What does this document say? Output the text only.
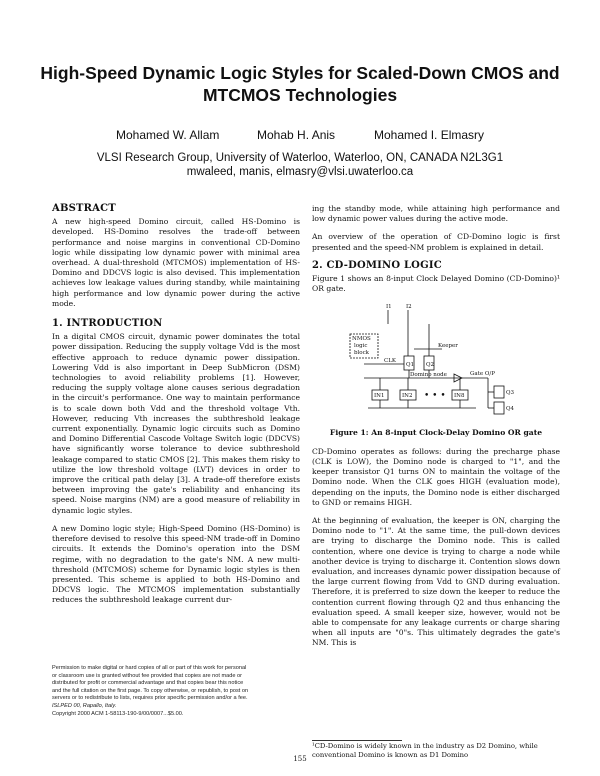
High-Speed Dynamic Logic Styles for Scaled-Down CMOS and MTCMOS Technologies
Mohamed W. Allam	Mohab H. Anis	Mohamed I. Elmasry
VLSI Research Group, University of Waterloo, Waterloo, ON, CANADA N2L3G1
mwaleed, manis, elmasry@vlsi.uwaterloo.ca
ABSTRACT

A new high-speed Domino circuit, called HS-Domino is developed. HS-Domino resolves the trade-off between performance and noise margins in conventional CD-Domino logic while dissipating low dynamic power with minimal area overhead. A dual-threshold (MTCMOS) implementation of HS-Domino and DDCVS logic is also devised. This implementation achieves low leakage values during standby, while maintaining high performance and low dynamic power during the active mode.

1. INTRODUCTION

In a digital CMOS circuit, dynamic power dominates the total power dissipation. Reducing the supply voltage Vdd is the most effective approach to reduce dynamic power dissipation. Lowering Vdd is also important in Deep SubMicron (DSM) technologies to avoid reliability problems [1]. However, reducing the supply voltage alone causes serious degradation in the circuit's performance. One way to maintain performance is to scale down both Vdd and the threshold voltage Vth. However, reducing Vth increases the subthreshold leakage current exponentially. Dynamic logic circuits such as Domino and Domino Differential Cascode Voltage Switch logic (DDCVS) have significantly worse tolerance to device subthreshold leakage compared to static CMOS [2]. This makes them risky to utilize the low threshold voltage (LVT) devices in order to improve the critical path delay [3]. A trade-off therefore exists between improving the gate's reliability and enhancing its speed. Noise margins (NM) are a good measure of reliability in dynamic logic styles.

A new Domino logic style; High-Speed Domino (HS-Domino) is therefore devised to resolve this speed-NM trade-off in Domino circuits. It extends the Domino's operation into the DSM regime, with no degradation to the gate's NM. A new multi-threshold (MTCMOS) scheme for Dynamic logic styles is then presented. This scheme is applied to both HS-Domino and DDCVS logic. The MTCMOS implementation substantially reduces the subthreshold leakage current dur-

ing the standby mode, while attaining high performance and low dynamic power values during the active mode.

An overview of the operation of CD-Domino logic is first presented and the speed-NM problem is explained in detail.

2. CD-DOMINO LOGIC

Figure 1 shows an 8-input Clock Delayed Domino (CD-Domino)¹ OR gate.

I1	I2
NMOS
logic
block
CLK
Keeper
Q1 Q2
Domino node	Gate O/P
IN1	IN2	IN8
• • •	Q3
Q4
Figure 1: An 8-input Clock-Delay Domino OR gate

CD-Domino operates as follows: during the precharge phase (CLK is LOW), the Domino node is charged to "1", and the keeper transistor Q1 turns ON to maintain the voltage of the Domino node. When the CLK goes HIGH (evaluation mode), depending on the inputs, the Domino node is either discharged to GND or remains HIGH.

At the beginning of evaluation, the keeper is ON, charging the Domino node to "1". At the same time, the pull-down devices are trying to discharge the Domino node. This is called contention, where one device is trying to charge a node while another device is trying to discharge it. Contention slows down evaluation, and increases dynamic power dissipation because of the large current flowing from Vdd to GND during evaluation. Therefore, it is preferred to size down the keeper to reduce the contention current flowing through Q2 and thus enhancing the evaluation speed. A small keeper size, however, would not be able to compensate for any leakage currents or charge sharing when all inputs are "0"s. This ultimately degrades the gate's NM. This is

Permission to make digital or hard copies of all or part of this work for personal or classroom use is granted without fee provided that copies are not made or distributed for profit or commercial advantage and that copies bear this notice and the full citation on the first page. To copy otherwise, or republish, to post on servers or to redistribute to lists, requires prior specific permission and/or a fee.
ISLPED 00, Rapallo, Italy.
Copyright 2000 ACM 1-58113-190-9/00/0007...$5.00.
¹CD-Domino is widely known in the industry as D2 Domino, while conventional Domino is known as D1 Domino
155
